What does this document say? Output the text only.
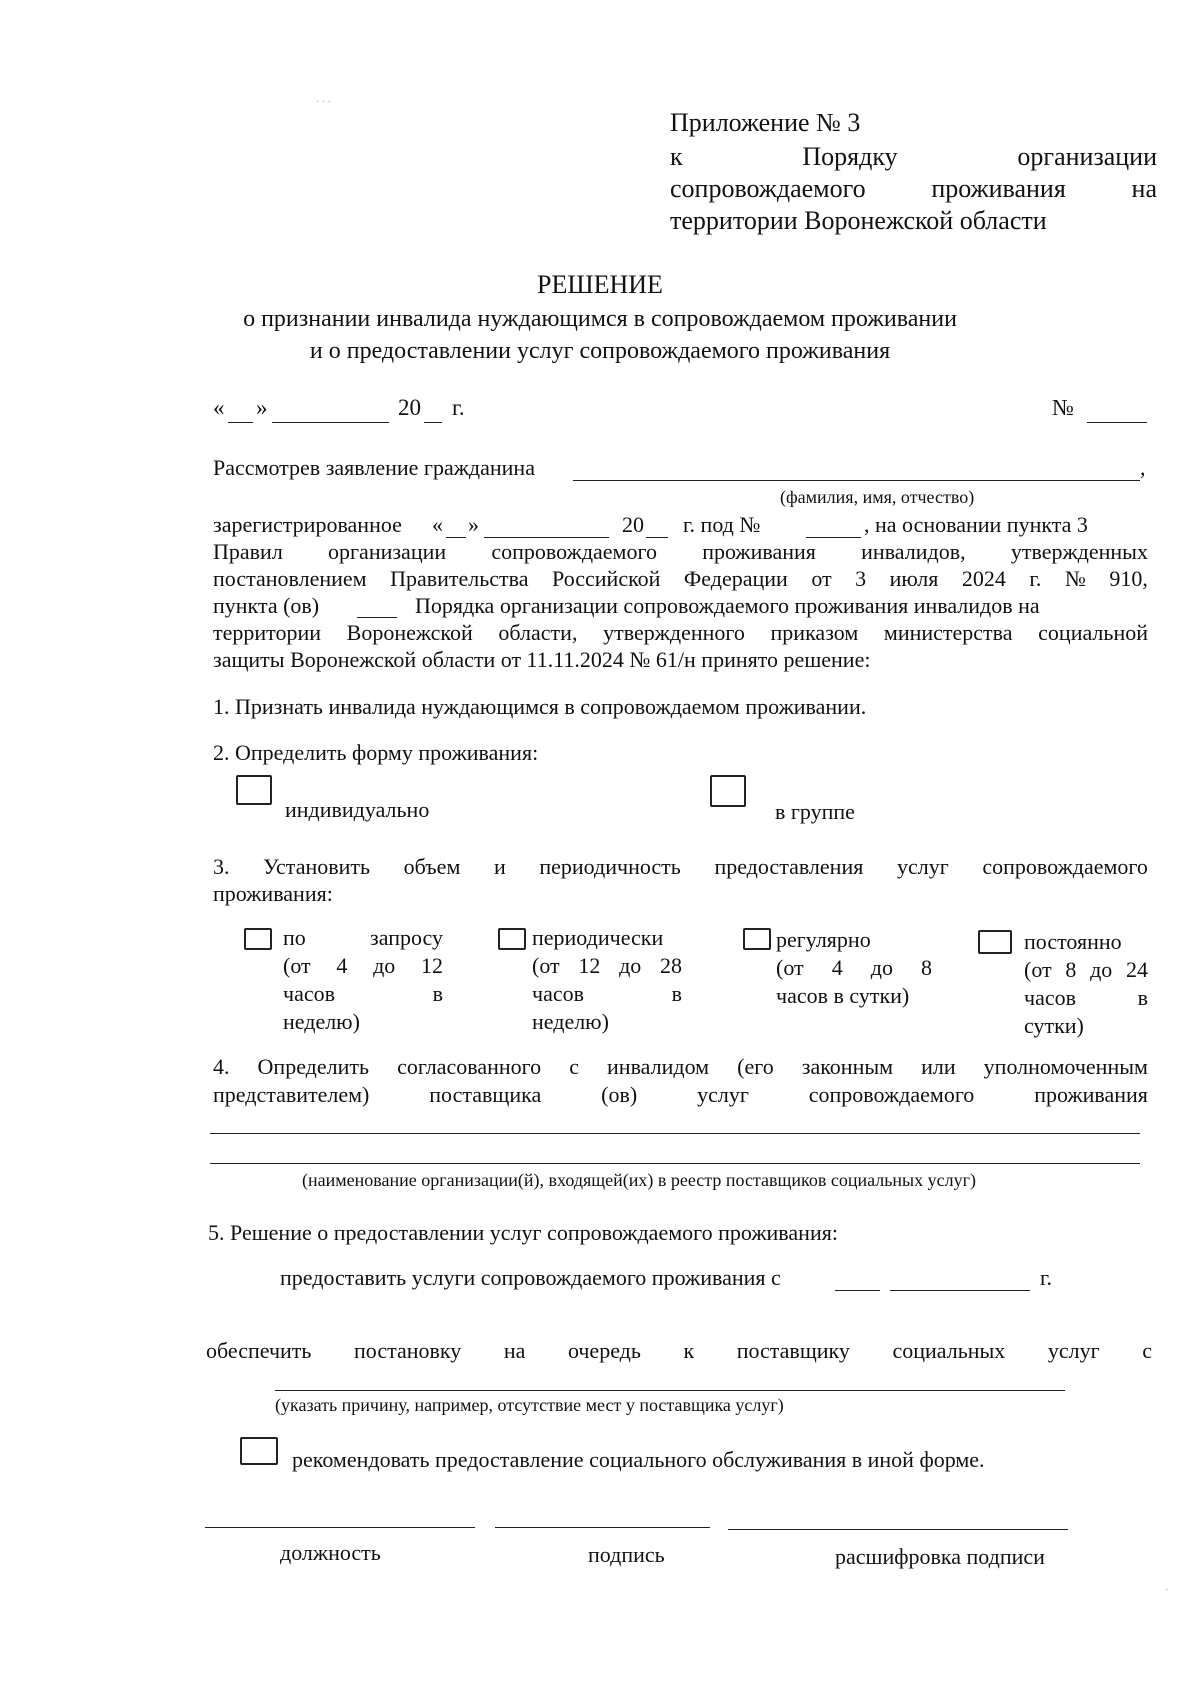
Приложение № 3
к	Порядку	организации
сопровождаемого	проживания	на
территории Воронежской области
РЕШЕНИЕ
о признании инвалида нуждающимся в сопровождаемом проживании
и о предоставлении услуг сопровождаемого проживания
« »	20 г.	№
Рассмотрев заявление гражданина	,
(фамилия, имя, отчество)
зарегистрированное « »	20 г. под №	, на основании пункта 3
Правил организации сопровождаемого проживания инвалидов, утвержденных
постановлением Правительства Российской Федерации от 3 июля 2024 г. № 910,
пункта (ов)	Порядка организации сопровождаемого проживания инвалидов на
территории Воронежской области, утвержденного приказом министерства социальной
защиты Воронежской области от 11.11.2024 № 61/н принято решение:
1. Признать инвалида нуждающимся в сопровождаемом проживании.
2. Определить форму проживания:
индивидуально	в группе
3. Установить объем и периодичность предоставления услуг сопровождаемого
проживания:
по	запросу
(от 4 до 12
часов	в
неделю)
периодически
(от 12 до 28
часов	в
неделю)
регулярно
(от 4 до 8
часов в сутки)
постоянно
(от 8 до 24
часов	в
сутки)
4. Определить согласованного с инвалидом (его законным или уполномоченным
представителем)	поставщика	(ов)	услуг	сопровождаемого	проживания
(наименование организации(й), входящей(их) в реестр поставщиков социальных услуг)
5. Решение о предоставлении услуг сопровождаемого проживания:
предоставить услуги сопровождаемого проживания с	г.
обеспечить постановку на очередь к поставщику социальных услуг с
(указать причину, например, отсутствие мест у поставщика услуг)
рекомендовать предоставление социального обслуживания в иной форме.
должность	подпись	расшифровка подписи
· · ·
·
